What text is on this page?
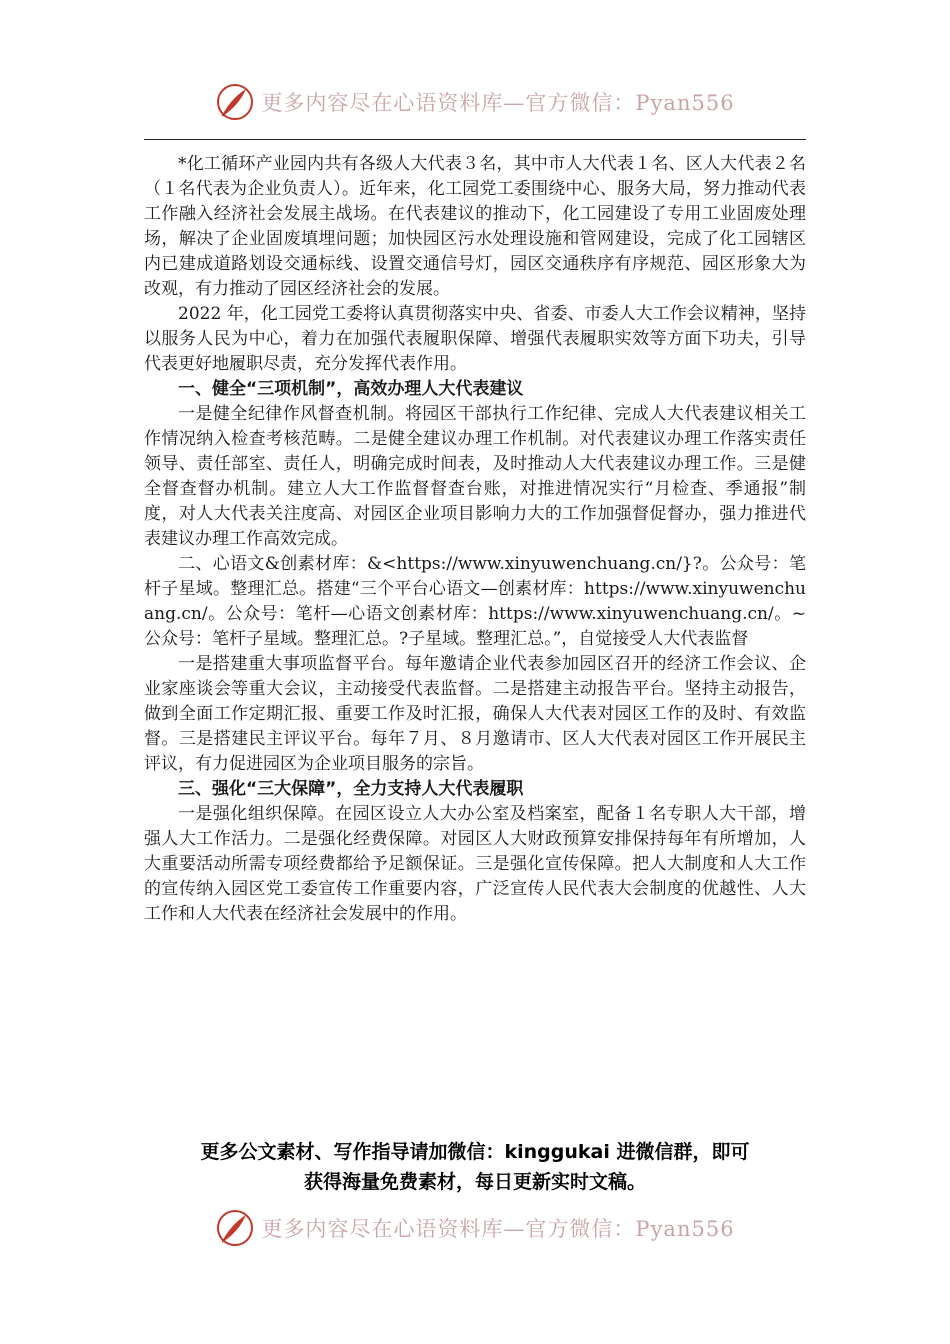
更多内容尽在心语资料库—官方微信：Pyan556

*化工循环产业园内共有各级人大代表３名，其中市人大代表１名、区人大代表２名（１名代表为企业负责人）。近年来，化工园党工委围绕中心、服务大局，努力推动代表工作融入经济社会发展主战场。在代表建议的推动下，化工园建设了专用工业固废处理场，解决了企业固废填埋问题；加快园区污水处理设施和管网建设，完成了化工园辖区内已建成道路划设交通标线、设置交通信号灯，园区交通秩序有序规范、园区形象大为改观，有力推动了园区经济社会的发展。

2022 年，化工园党工委将认真贯彻落实中央、省委、市委人大工作会议精神，坚持以服务人民为中心，着力在加强代表履职保障、增强代表履职实效等方面下功夫，引导代表更好地履职尽责，充分发挥代表作用。

一、健全“三项机制”，高效办理人大代表建议

一是健全纪律作风督查机制。将园区干部执行工作纪律、完成人大代表建议相关工作情况纳入检查考核范畴。二是健全建议办理工作机制。对代表建议办理工作落实责任领导、责任部室、责任人，明确完成时间表，及时推动人大代表建议办理工作。三是健全督查督办机制。建立人大工作监督督查台账，对推进情况实行“月检查、季通报”制度，对人大代表关注度高、对园区企业项目影响力大的工作加强督促督办，强力推进代表建议办理工作高效完成。

二、心语文&创素材库：&<https://www.xinyuwenchuang.cn/}?。公众号：笔杆子星域。整理汇总。搭建“三个平台心语文—创素材库：https://www.xinyuwenchuang.cn/。公众号：笔杆—心语文创素材库：https://www.xinyuwenchuang.cn/。~公众号：笔杆子星域。整理汇总。?子星域。整理汇总。”，自觉接受人大代表监督

一是搭建重大事项监督平台。每年邀请企业代表参加园区召开的经济工作会议、企业家座谈会等重大会议，主动接受代表监督。二是搭建主动报告平台。坚持主动报告，做到全面工作定期汇报、重要工作及时汇报，确保人大代表对园区工作的及时、有效监督。三是搭建民主评议平台。每年７月、８月邀请市、区人大代表对园区工作开展民主评议，有力促进园区为企业项目服务的宗旨。

三、强化“三大保障”，全力支持人大代表履职

一是强化组织保障。在园区设立人大办公室及档案室，配备１名专职人大干部，增强人大工作活力。二是强化经费保障。对园区人大财政预算安排保持每年有所增加，人大重要活动所需专项经费都给予足额保证。三是强化宣传保障。把人大制度和人大工作的宣传纳入园区党工委宣传工作重要内容，广泛宣传人民代表大会制度的优越性、人大工作和人大代表在经济社会发展中的作用。

更多公文素材、写作指导请加微信：kinggukai 进微信群，即可
获得海量免费素材，每日更新实时文稿。
更多内容尽在心语资料库—官方微信：Pyan556
